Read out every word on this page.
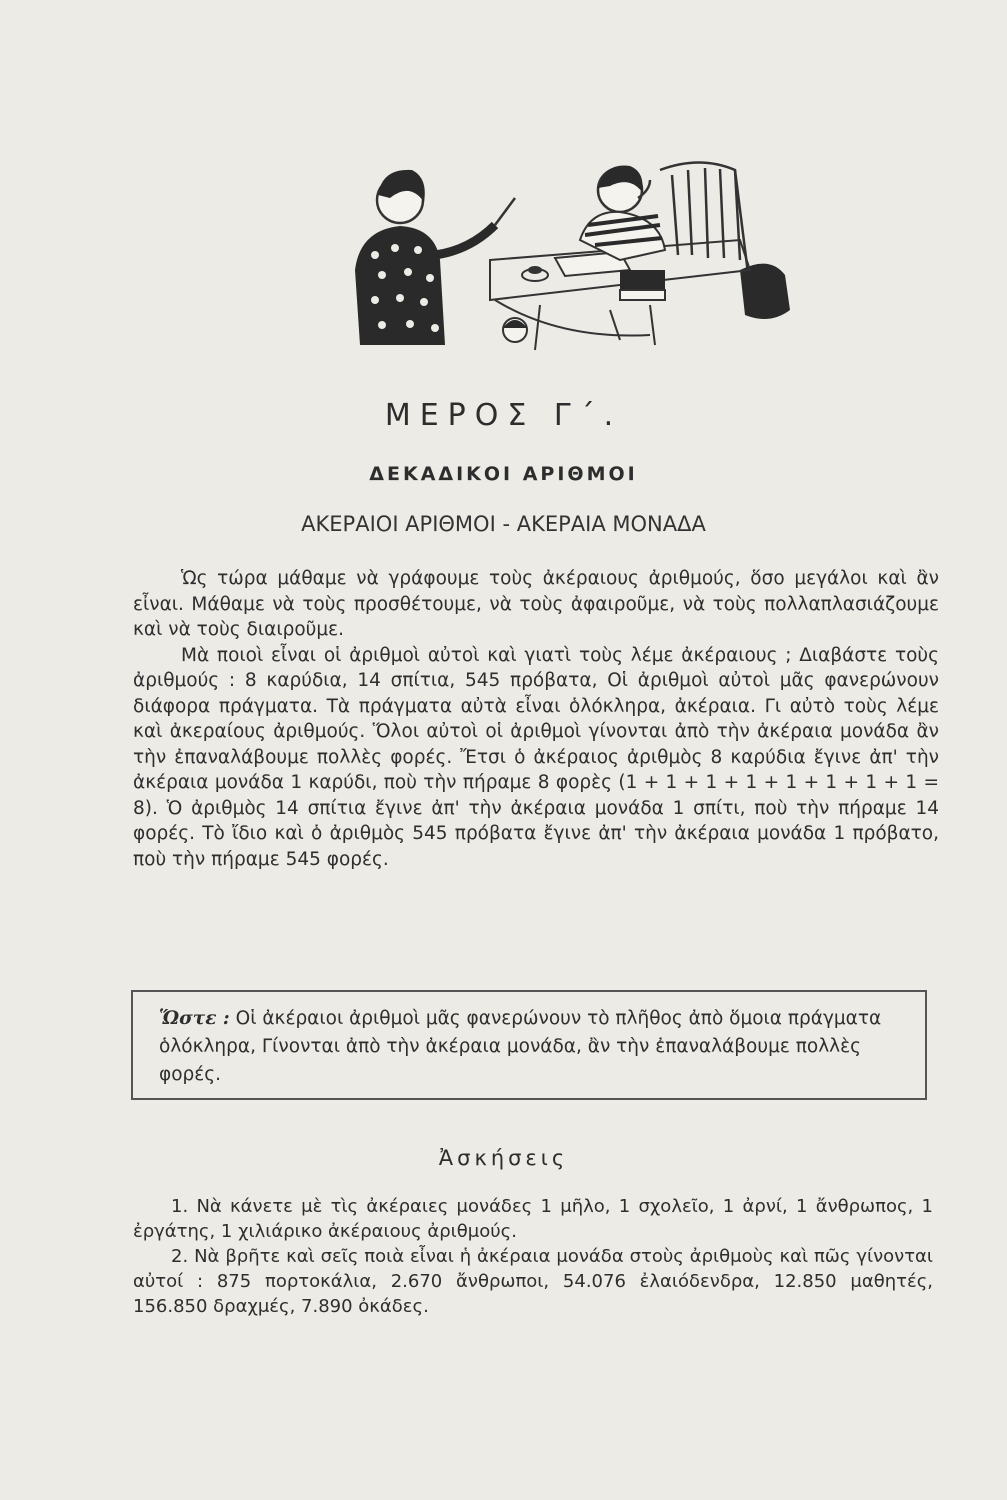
ΜΕΡΟΣ Γ΄.
ΔΕΚΑΔΙΚΟΙ ΑΡΙΘΜΟΙ
ΑΚΕΡΑΙΟΙ ΑΡΙΘΜΟΙ - ΑΚΕΡΑΙΑ ΜΟΝΑΔΑ

Ὡς τώρα μάθαμε νὰ γράφουμε τοὺς ἀκέραιους ἀριθμούς, ὅσο μεγάλοι καὶ ἂν εἶναι. Μάθαμε νὰ τοὺς προσθέτουμε, νὰ τοὺς ἀφαιροῦμε, νὰ τοὺς πολλαπλασιάζουμε καὶ νὰ τοὺς διαιροῦμε.

Μὰ ποιοὶ εἶναι οἱ ἀριθμοὶ αὐτοὶ καὶ γιατὶ τοὺς λέμε ἀκέραιους ; Διαβάστε τοὺς ἀριθμούς : 8 καρύδια, 14 σπίτια, 545 πρόβατα, Οἱ ἀριθμοὶ αὐτοὶ μᾶς φανερώνουν διάφορα πράγματα. Τὰ πράγματα αὐτὰ εἶναι ὁλόκληρα, ἀκέραια. Γι αὐτὸ τοὺς λέμε καὶ ἀκεραίους ἀριθμούς. Ὅλοι αὐτοὶ οἱ ἀριθμοὶ γίνονται ἀπὸ τὴν ἀκέραια μονάδα ἂν τὴν ἐπαναλάβουμε πολλὲς φορές. Ἔτσι ὁ ἀκέραιος ἀριθμὸς 8 καρύδια ἔγινε ἀπ' τὴν ἀκέραια μονάδα 1 καρύδι, ποὺ τὴν πήραμε 8 φορὲς (1 + 1 + 1 + 1 + 1 + 1 + 1 + 1 = 8). Ὁ ἀριθμὸς 14 σπίτια ἔγινε ἀπ' τὴν ἀκέραια μονάδα 1 σπίτι, ποὺ τὴν πήραμε 14 φορές. Τὸ ἴδιο καὶ ὁ ἀριθμὸς 545 πρόβατα ἔγινε ἀπ' τὴν ἀκέραια μονάδα 1 πρόβατο, ποὺ τὴν πήραμε 545 φορές.

Ὥστε : Οἱ ἀκέραιοι ἀριθμοὶ μᾶς φανερώνουν τὸ πλῆθος ἀπὸ ὅμοια πράγματα ὁλόκληρα, Γίνονται ἀπὸ τὴν ἀκέραια μονάδα, ἂν τὴν ἐπαναλάβουμε πολλὲς φορές.
Ἀσκήσεις

1. Νὰ κάνετε μὲ τὶς ἀκέραιες μονάδες 1 μῆλο, 1 σχολεῖο, 1 ἀρνί, 1 ἄνθρωπος, 1 ἐργάτης, 1 χιλιάρικο ἀκέραιους ἀριθμούς.

2. Νὰ βρῆτε καὶ σεῖς ποιὰ εἶναι ἡ ἀκέραια μονάδα στοὺς ἀριθμοὺς καὶ πῶς γίνονται αὐτοί : 875 πορτοκάλια, 2.670 ἄνθρωποι, 54.076 ἐλαιόδενδρα, 12.850 μαθητές, 156.850 δραχμές, 7.890 ὀκάδες.
